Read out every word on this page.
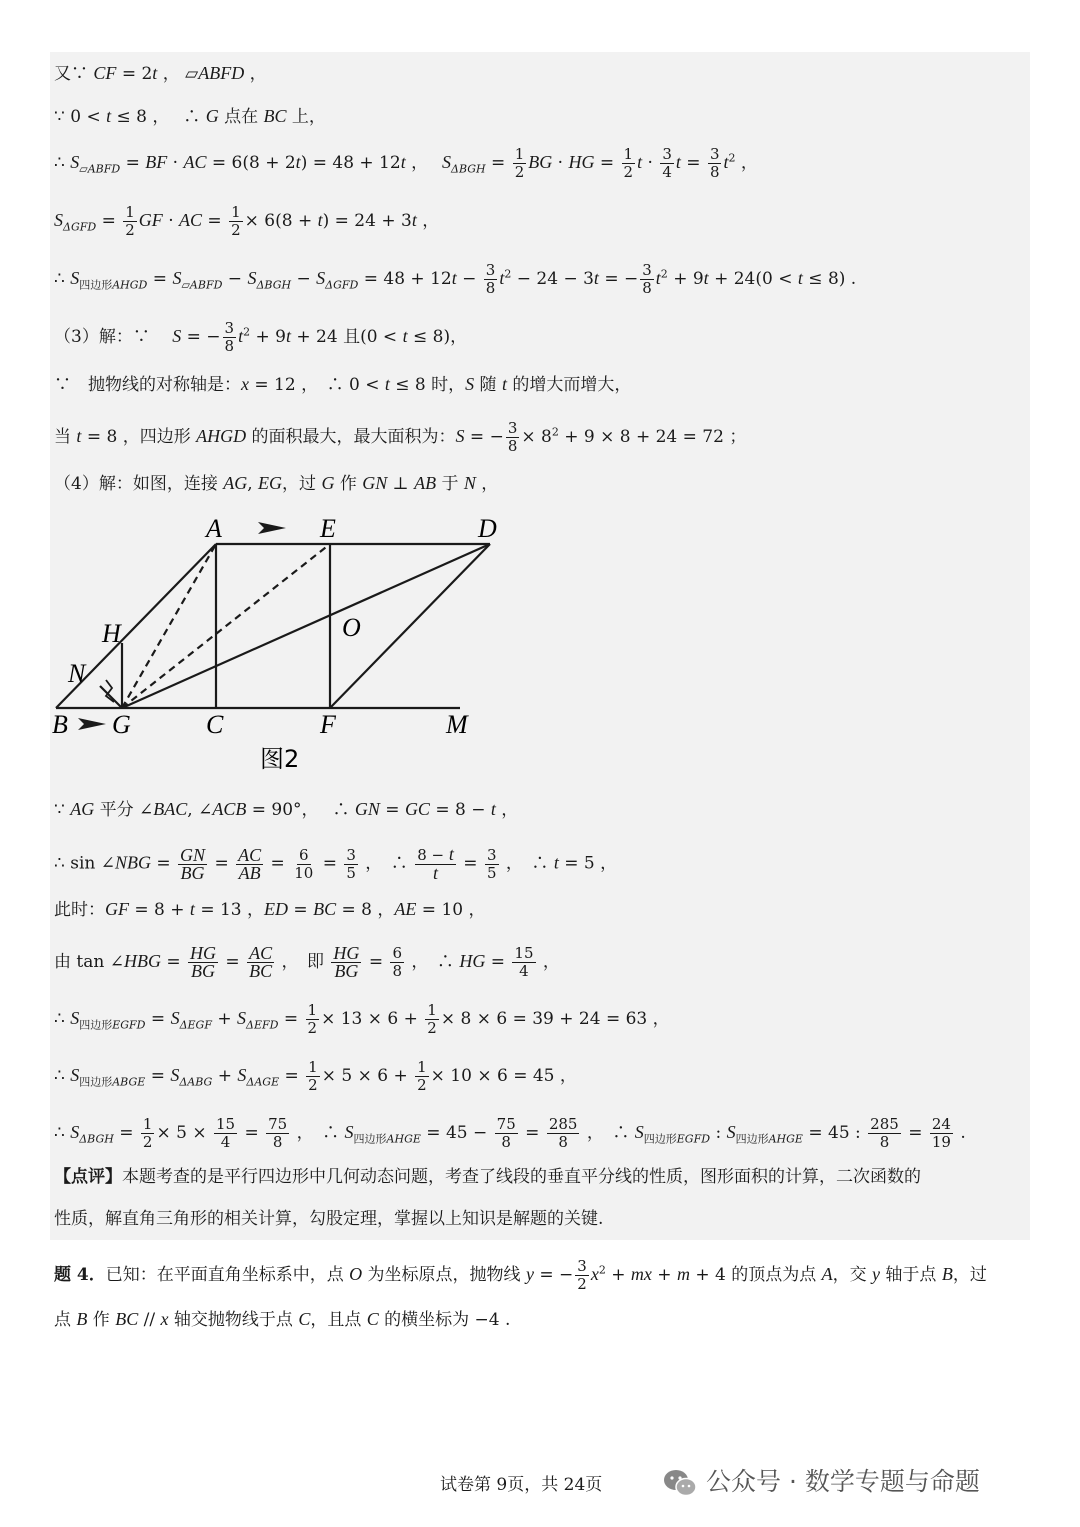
又∵ CF = 2t ， ▱ABFD ，
∵ 0 < t ≤ 8 ，　 ∴ G 点在 BC 上，
∴ $S_{▱ABFD}$ = BF · AC = 6(8 + 2t) = 48 + 12t ，　 $S_{\Delta BGH} = \frac{1}{2}$ BG · HG = $\frac{1}{2}$ $t \cdot \frac{3}{4}$ $t = \frac{3}{8} t^2$ ，
$S_{\Delta GFD} = \frac{1}{2}$ GF · AC = $\frac{1}{2} \times 6(8 + t) = 24 + 3t$ ，
∴ $S_{四边形AHGD} = S_{▱ABFD} - S_{\Delta BGH} - S_{\Delta GFD} = 48 + 12t - \frac{3}{8} t^2 - 24 - 3t$ = − $\frac{3}{8} t^2 + 9t + 24(0 < t \le 8)$ .
（3）解：∵　 S = − $\frac{3}{8} t^2 + 9t + 24$ 且(0 < t ≤ 8)，
∵　抛物线的对称轴是：x = 12 ，　∴ 0 < t ≤ 8 时，S 随 t 的增大而增大，
当 t = 8 ，四边形 AHGD 的面积最大，最大面积为：S = − $\frac{3}{8} \times 8^2 + 9 \times 8 + 24 = 72$ ；
（4）解：如图，连接 AG, EG，过 G 作 GN ⊥ AB 于 N ，
A	E	D
H	O
N
B G	C	F	M
图2
∵ AG 平分 ∠BAC, ∠ACB = 90°，　 ∴ GN = GC = 8 − t ，
∴ sin ∠NBG = $\frac{GN}{BG} = \frac{AC}{AB} = \frac{6}{10} = \frac{3}{5}$ ，　∴ $\frac{8 - t}{t} = \frac{3}{5}$ ，　∴ t = 5 ，
此时：GF = 8 + t = 13 ，ED = BC = 8 ，AE = 10 ，
由 tan ∠HBG = $\frac{HG}{BG} = \frac{AC}{BC}$ ，　即 $\frac{HG}{BG} = \frac{6}{8}$ ，　∴ HG = $\frac{15}{4}$ ，
∴ $S_{四边形EGFD} = S_{\Delta EGF} + S_{\Delta EFD} = \frac{1}{2} \times 13 \times 6 + \frac{1}{2} \times 8 \times 6 = 39 + 24 = 63$ ，
∴ $S_{四边形ABGE} = S_{\Delta ABG} + S_{\Delta AGE} = \frac{1}{2} \times 5 \times 6 + \frac{1}{2} \times 10 \times 6 = 45$ ，
∴ $S_{\Delta BGH} = \frac{1}{2} \times 5 \times \frac{15}{4} = \frac{75}{8}$ ，　∴ $S_{四边形AHGE} = 45 - \frac{75}{8} = \frac{285}{8}$ ，　∴ $S_{四边形EGFD}$ : $S_{四边形AHGE} = 45$ : $\frac{285}{8} = \frac{24}{19}$ .
【点评】本题考查的是平行四边形中几何动态问题，考查了线段的垂直平分线的性质，图形面积的计算，二次函数的
性质，解直角三角形的相关计算，勾股定理，掌握以上知识是解题的关键.
题 4．已知：在平面直角坐标系中，点 O 为坐标原点，抛物线 y = − $\frac{3}{2} x^2$ + mx + m + 4 的顶点为点 A，交 y 轴于点 B，过
点 B 作 BC // x 轴交抛物线于点 C，且点 C 的横坐标为 −4 .
试卷第 9页，共 24页	公众号 · 数学专题与命题
